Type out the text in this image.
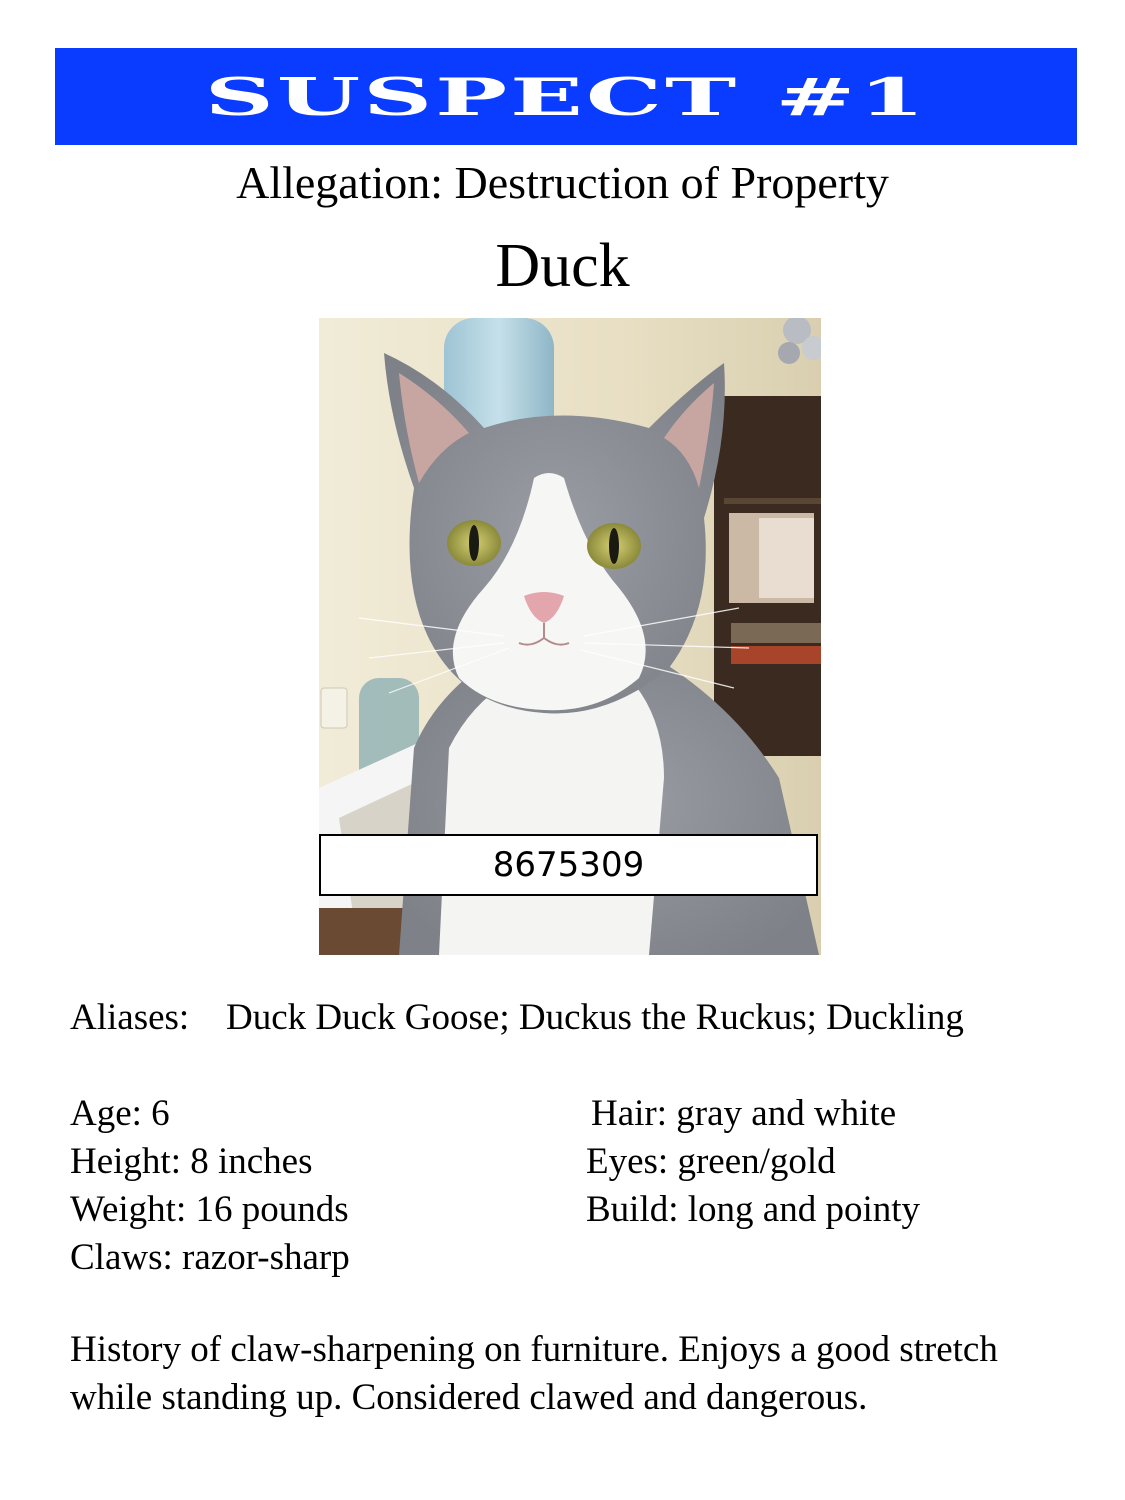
SUSPECT #1
Allegation: Destruction of Property
Duck
8675309
Aliases: Duck Duck Goose; Duckus the Ruckus; Duckling
Age: 6
Height: 8 inches
Weight: 16 pounds
Claws: razor-sharp
Hair: gray and white
Eyes: green/gold
Build: long and pointy
History of claw-sharpening on furniture. Enjoys a good stretch
while standing up. Considered clawed and dangerous.
